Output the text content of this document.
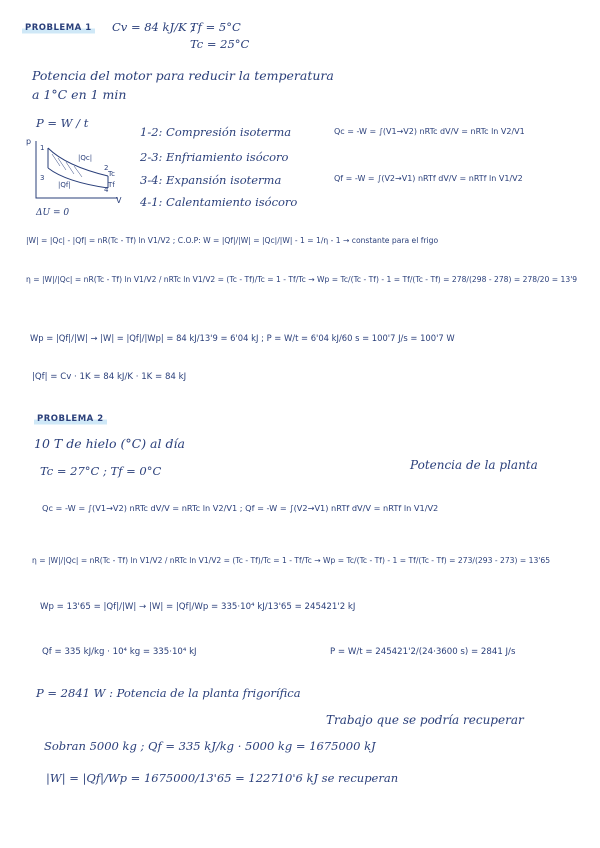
PROBLEMA 1 Cv = 84 kJ/K ;
Tf = 5°C
Tc = 25°C
Potencia del motor para reducir la temperatura
a 1°C en 1 min
P = W / t
p
V
|Qc|
|Qf|
Tc
Tf
1
2
3
4
ΔU = 0
1-2: Compresión isoterma
2-3: Enfriamiento isócoro
3-4: Expansión isoterma
4-1: Calentamiento isócoro
Qc = -W = ∫(V1→V2) nRTc dV/V = nRTc ln V2/V1
Qf = -W = ∫(V2→V1) nRTf dV/V = nRTf ln V1/V2
|W| = |Qc| - |Qf| = nR(Tc - Tf) ln V1/V2 ; C.O.P: W = |Qf|/|W| = |Qc|/|W| - 1 = 1/η - 1 → constante para el frigo
η = |W|/|Qc| = nR(Tc - Tf) ln V1/V2 / nRTc ln V1/V2 = (Tc - Tf)/Tc = 1 - Tf/Tc → Wp = Tc/(Tc - Tf) - 1 = Tf/(Tc - Tf) = 278/(298 - 278) = 278/20 = 13'9
Wp = |Qf|/|W| → |W| = |Qf|/|Wp| = 84 kJ/13'9 = 6'04 kJ ; P = W/t = 6'04 kJ/60 s = 100'7 J/s = 100'7 W
|Qf| = Cv · 1K = 84 kJ/K · 1K = 84 kJ
PROBLEMA 2
10 T de hielo (°C) al día
Tc = 27°C ; Tf = 0°C	Potencia de la planta
Qc = -W = ∫(V1→V2) nRTc dV/V = nRTc ln V2/V1 ; Qf = -W = ∫(V2→V1) nRTf dV/V = nRTf ln V1/V2
η = |W|/|Qc| = nR(Tc - Tf) ln V1/V2 / nRTc ln V1/V2 = (Tc - Tf)/Tc = 1 - Tf/Tc → Wp = Tc/(Tc - Tf) - 1 = Tf/(Tc - Tf) = 273/(293 - 273) = 13'65
Wp = 13'65 = |Qf|/|W| → |W| = |Qf|/Wp = 335·10⁴ kJ/13'65 = 245421'2 kJ
Qf = 335 kJ/kg · 10⁴ kg = 335·10⁴ kJ	P = W/t = 245421'2/(24·3600 s) = 2841 J/s
P = 2841 W : Potencia de la planta frigorífica
Trabajo que se podría recuperar
Sobran 5000 kg ; Qf = 335 kJ/kg · 5000 kg = 1675000 kJ
|W| = |Qf|/Wp = 1675000/13'65 = 122710'6 kJ se recuperan
